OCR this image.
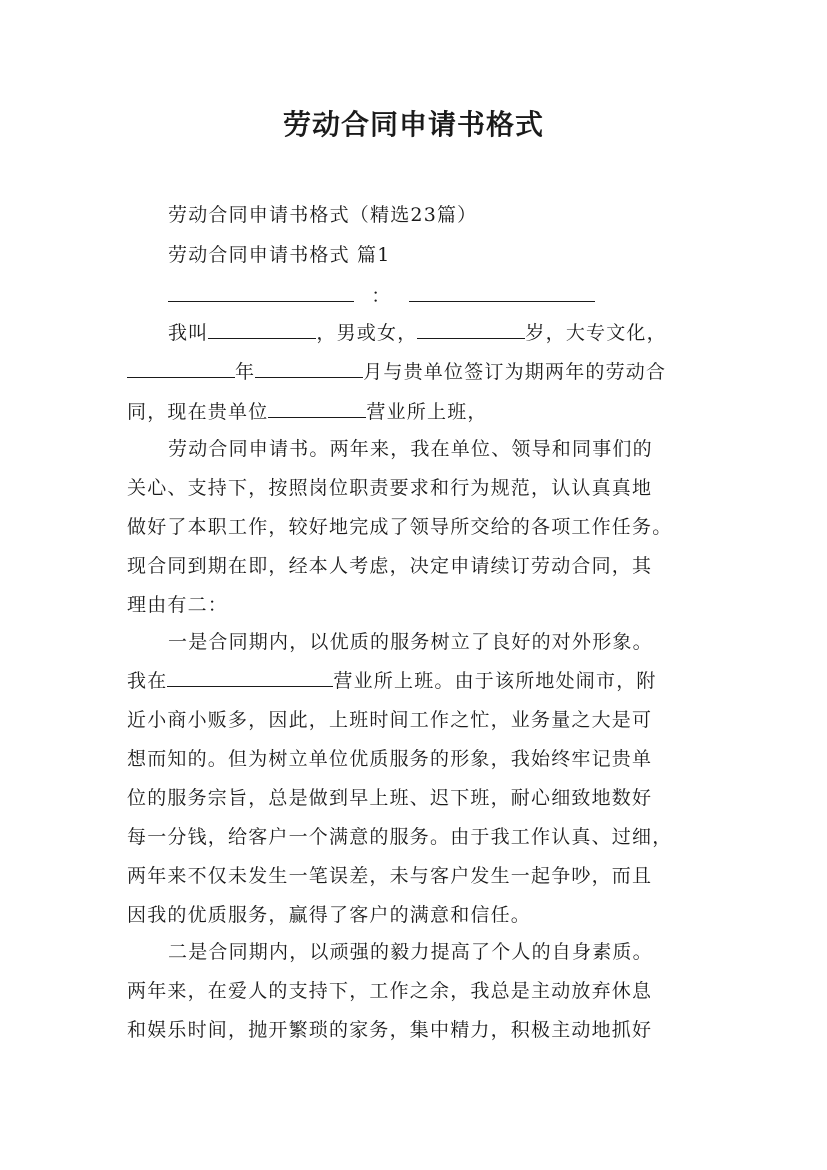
劳动合同申请书格式
劳动合同申请书格式（精选23篇）
劳动合同申请书格式 篇1
：
我叫	，男或女，	岁，大专文化，
年	月与贵单位签订为期两年的劳动合
同，现在贵单位	营业所上班，
劳动合同申请书。两年来，我在单位、领导和同事们的
关心、支持下，按照岗位职责要求和行为规范，认认真真地
做好了本职工作，较好地完成了领导所交给的各项工作任务。
现合同到期在即，经本人考虑，决定申请续订劳动合同，其
理由有二：
一是合同期内，以优质的服务树立了良好的对外形象。
我在	营业所上班。由于该所地处闹市，附
近小商小贩多，因此，上班时间工作之忙，业务量之大是可
想而知的。但为树立单位优质服务的形象，我始终牢记贵单
位的服务宗旨，总是做到早上班、迟下班，耐心细致地数好
每一分钱，给客户一个满意的服务。由于我工作认真、过细，
两年来不仅未发生一笔误差，未与客户发生一起争吵，而且
因我的优质服务，赢得了客户的满意和信任。
二是合同期内，以顽强的毅力提高了个人的自身素质。
两年来，在爱人的支持下，工作之余，我总是主动放弃休息
和娱乐时间，抛开繁琐的家务，集中精力，积极主动地抓好
